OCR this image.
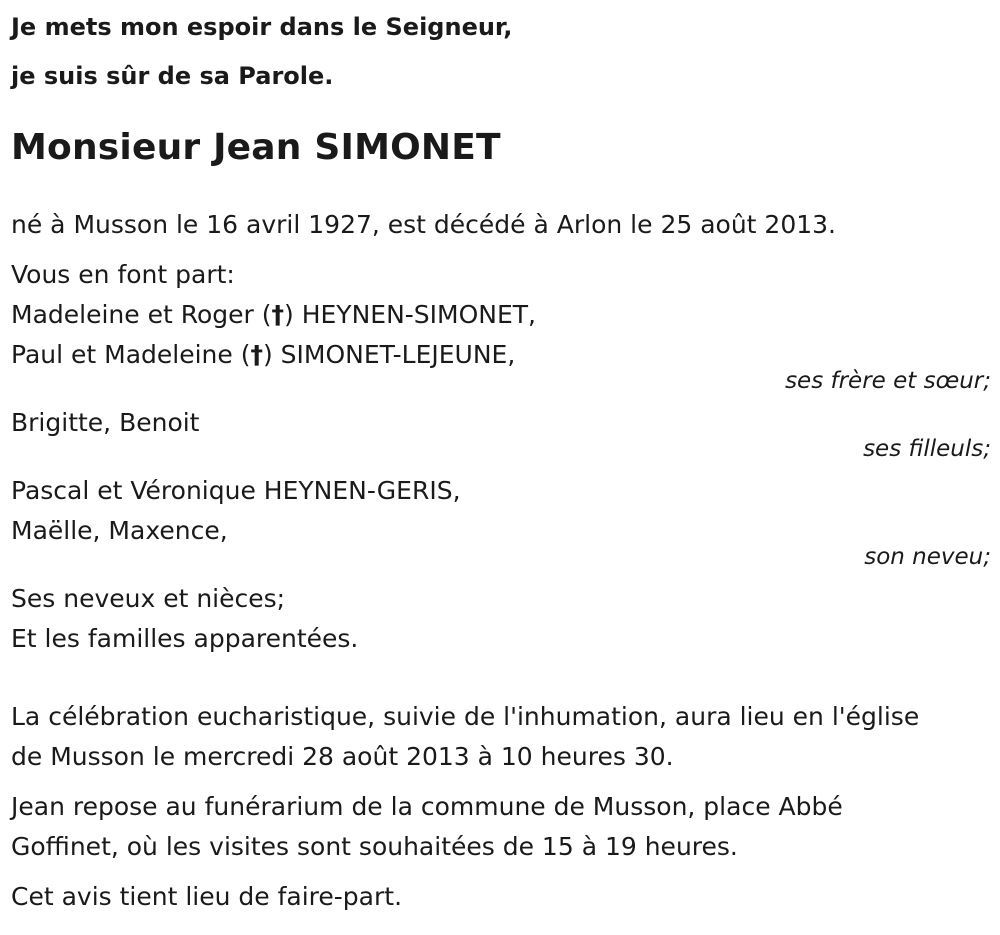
Je mets mon espoir dans le Seigneur,
je suis sûr de sa Parole.
Monsieur Jean SIMONET

né à Musson le 16 avril 1927, est décédé à Arlon le 25 août 2013.

Vous en font part:
Madeleine et Roger (†) HEYNEN-SIMONET,
Paul et Madeleine (†) SIMONET-LEJEUNE,
ses frère et sœur;
Brigitte, Benoit
ses filleuls;
Pascal et Véronique HEYNEN-GERIS,
Maëlle, Maxence,
son neveu;
Ses neveux et nièces;
Et les familles apparentées.
La célébration eucharistique, suivie de l'inhumation, aura lieu en l'église
de Musson le mercredi 28 août 2013 à 10 heures 30.
Jean repose au funérarium de la commune de Musson, place Abbé
Goffinet, où les visites sont souhaitées de 15 à 19 heures.
Cet avis tient lieu de faire-part.
